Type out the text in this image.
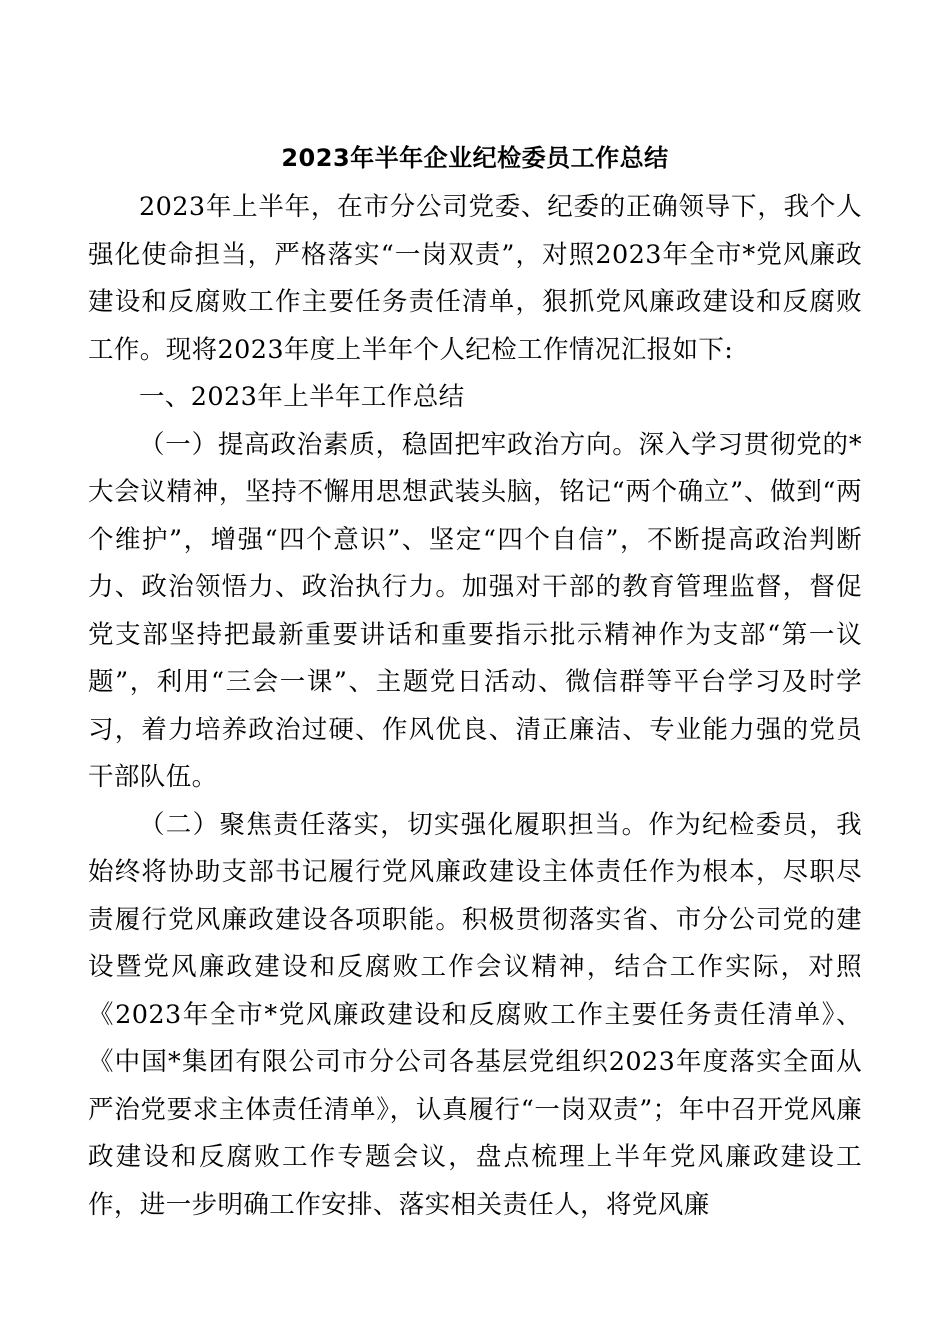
2023年半年企业纪检委员工作总结

2023年上半年，在市分公司党委、纪委的正确领导下，我个人强化使命担当，严格落实“一岗双责”，对照2023年全市*党风廉政建设和反腐败工作主要任务责任清单，狠抓党风廉政建设和反腐败工作。现将2023年度上半年个人纪检工作情况汇报如下:

一、2023年上半年工作总结

（一）提高政治素质，稳固把牢政治方向。深入学习贯彻党的*大会议精神，坚持不懈用思想武装头脑，铭记“两个确立”、做到“两个维护”，增强“四个意识”、坚定“四个自信”，不断提高政治判断力、政治领悟力、政治执行力。加强对干部的教育管理监督，督促党支部坚持把最新重要讲话和重要指示批示精神作为支部“第一议题”，利用“三会一课”、主题党日活动、微信群等平台学习及时学习，着力培养政治过硬、作风优良、清正廉洁、专业能力强的党员干部队伍。

（二）聚焦责任落实，切实强化履职担当。作为纪检委员，我始终将协助支部书记履行党风廉政建设主体责任作为根本，尽职尽责履行党风廉政建设各项职能。积极贯彻落实省、市分公司党的建设暨党风廉政建设和反腐败工作会议精神，结合工作实际，对照《2023年全市*党风廉政建设和反腐败工作主要任务责任清单》、《中国*集团有限公司市分公司各基层党组织2023年度落实全面从严治党要求主体责任清单》，认真履行“一岗双责”；年中召开党风廉政建设和反腐败工作专题会议，盘点梳理上半年党风廉政建设工作，进一步明确工作安排、落实相关责任人，将党风廉
